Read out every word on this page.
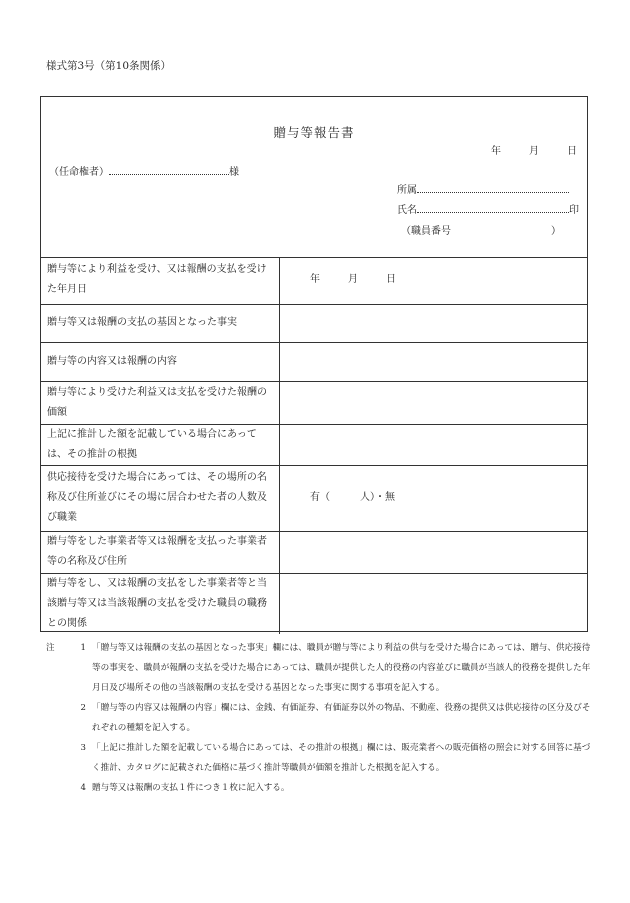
様式第3号（第10条関係）
贈与等報告書
年	月	日
（任命権者）	様
所属
氏名	印
（職員番号	）
贈与等により利益を受け、又は報酬の支払を受けた年月日	年 月 日

贈与等又は報酬の支払の基因となった事実	
贈与等の内容又は報酬の内容	
贈与等により受けた利益又は支払を受けた報酬の価額	
上記に推計した額を記載している場合にあっては、その推計の根拠	
供応接待を受けた場合にあっては、その場所の名称及び住所並びにその場に居合わせた者の人数及び職業	有（　　　人）・無
贈与等をした事業者等又は報酬を支払った事業者等の名称及び住所	
贈与等をし、又は報酬の支払をした事業者等と当該贈与等又は当該報酬の支払を受けた職員の職務との関係	
注	1 「贈与等又は報酬の支払の基因となった事実」欄には、職員が贈与等により利益の供与を受けた場合にあっては、贈与、供応接待等の事実を、職員が報酬の支払を受けた場合にあっては、職員が提供した人的役務の内容並びに職員が当該人的役務を提供した年月日及び場所その他の当該報酬の支払を受ける基因となった事実に関する事項を記入する。
2 「贈与等の内容又は報酬の内容」欄には、金銭、有価証券、有価証券以外の物品、不動産、役務の提供又は供応接待の区分及びそれぞれの種類を記入する。
3 「上記に推計した額を記載している場合にあっては、その推計の根拠」欄には、販売業者への販売価格の照会に対する回答に基づく推計、カタログに記載された価格に基づく推計等職員が価額を推計した根拠を記入する。
4 贈与等又は報酬の支払１件につき１枚に記入する。
